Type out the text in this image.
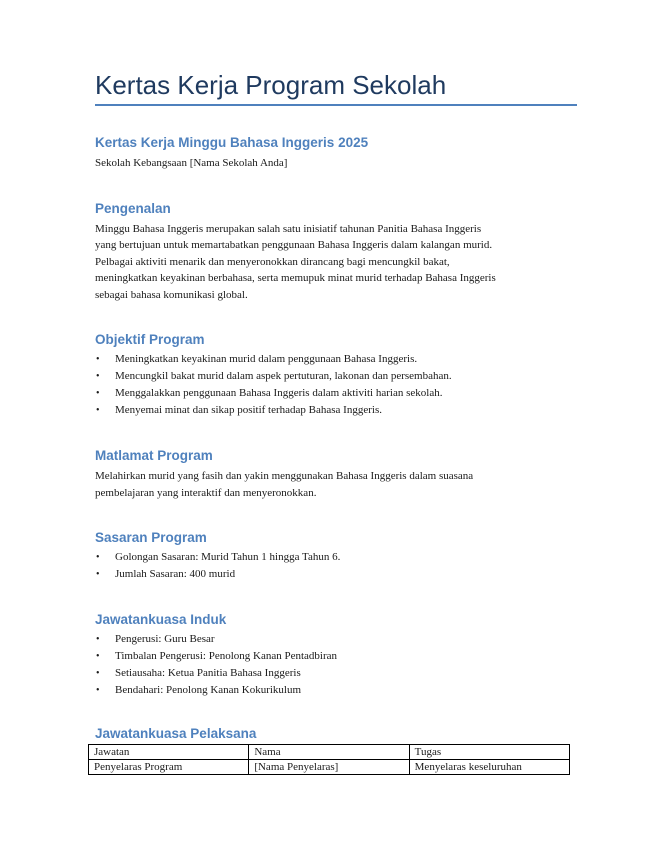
Kertas Kerja Program Sekolah
Kertas Kerja Minggu Bahasa Inggeris 2025

Sekolah Kebangsaan [Nama Sekolah Anda]

Pengenalan

Minggu Bahasa Inggeris merupakan salah satu inisiatif tahunan Panitia Bahasa Inggeris
yang bertujuan untuk memartabatkan penggunaan Bahasa Inggeris dalam kalangan murid.
Pelbagai aktiviti menarik dan menyeronokkan dirancang bagi mencungkil bakat,
meningkatkan keyakinan berbahasa, serta memupuk minat murid terhadap Bahasa Inggeris
sebagai bahasa komunikasi global.

Objektif Program
• Meningkatkan keyakinan murid dalam penggunaan Bahasa Inggeris.
• Mencungkil bakat murid dalam aspek pertuturan, lakonan dan persembahan.
• Menggalakkan penggunaan Bahasa Inggeris dalam aktiviti harian sekolah.
• Menyemai minat dan sikap positif terhadap Bahasa Inggeris.
Matlamat Program

Melahirkan murid yang fasih dan yakin menggunakan Bahasa Inggeris dalam suasana
pembelajaran yang interaktif dan menyeronokkan.

Sasaran Program
• Golongan Sasaran: Murid Tahun 1 hingga Tahun 6.
• Jumlah Sasaran: 400 murid
Jawatankuasa Induk
• Pengerusi: Guru Besar
• Timbalan Pengerusi: Penolong Kanan Pentadbiran
• Setiausaha: Ketua Panitia Bahasa Inggeris
• Bendahari: Penolong Kanan Kokurikulum
Jawatankuasa Pelaksana
Jawatan	Nama	Tugas
Penyelaras Program	[Nama Penyelaras]	Menyelaras keseluruhan
